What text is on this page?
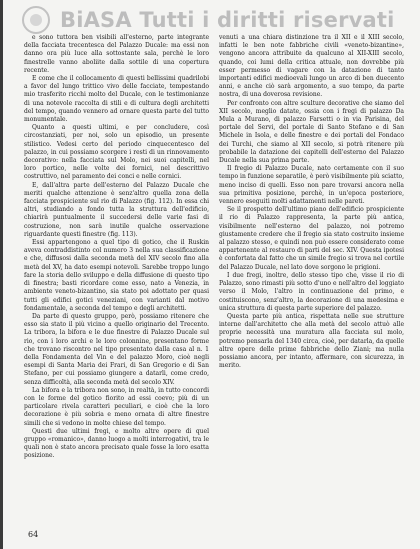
BiASA Tutti i diritti riservati

e sono tuttora ben visibili all'esterno, parte integrante della facciata trecentesca del Palazzo Ducale: ma essi non danno ora più luce alla sottostante sala, perchè le loro finestrelle vanno aboliite dalla sottile di una copertura recente.

E come che il collocamento di questi bellissimi quadrilobi a favor del lungo trittico vivo delle facciate, tempestando mio trasferito ricchi molto del Ducale, con le testimonianze di una notevole raccolta di stili e di cultura degli architetti del tempo, quando vennero ad ornare questa parte del tutto monumentale.

Quanto a questi ultimi, e per concludere, così circostanziati, per noi, solo un episodio, un presente stilistico. Vedesi certo del periodo cinquecentesco del palazzo, in cui possiamo scorgere i resti di un rinnovamento decorativo: nella facciata sul Molo, nei suoi capitelli, nel loro portico, nelle volte dei fornici, nel descrittivo costruttivo, nel paramento dei conci e nelle cornici.

E, dall'altra parte dell'esterno del Palazzo Ducale che meriti qualche attenzione è senz'altro quella zona della facciata prospiciente sul rio di Palazzo (fig. 112). In essa chi altri, studiando a fondo tutta la struttura dell'edificio, chiarirà puntualmente il succedersi delle varie fasi di costruzione, non sarà inutile qualche osservazione riguardante questi finestre (fig. 113).

Essi appartengono a quel tipo di gotico, che il Ruskin aveva contraddistinto col numero 3 nella sua classificazione e che, diffusosi dalla seconda metà del XIV secolo fino alla metà del XV, ha dato esempi notevoli. Sarebbe troppo lungo fare la storia dello sviluppo e della diffusione di questo tipo di finestra; basti ricordare come esso, nato a Venezia, in ambiente veneto-bizantino, sia stato poi adottato per quasi tutti gli edifici gotici veneziani, con varianti dal motivo fondamentale, a seconda del tempo e degli architetti.

Da parte di questo gruppo, però, possiamo ritenere che esso sia stato il più vicino a quello originario del Trecento. La tribora, la bifora e le due finestre di Palazzo Ducale sul rio, con i loro archi e le loro colonnine, presentano forme che trovano riscontro nel tipo presentato dalla casa al n. 1 della Fondamenta del Vin e del palazzo Moro, cioè negli esempi di Santa Maria dei Frari, di San Gregorio e di San Stefano, per cui possiamo giungere a datarli, come credo, senza difficoltà, alla seconda metà del secolo XIV.

La bifora e la tribora non sono, in realtà, in tutto concordi con le forme del gotico fiorito ad essi coevo; più di un particolare rivela caratteri peculiari, e cioè che la loro decorazione è più sobria e meno ornata di altre finestre simili che si vedono in molte chiese del tempo.

Questi due ultimi fregi, e molto altre opere di quel gruppo «romanico», danno luogo a molti interrogativi, tra le quali non è stato ancora precisato quale fosse la loro esatta posizione.

venuti a una chiara distinzione tra il XII e il XIII secolo, infatti le ben note fabbriche civili «veneto-bizantine», vengono ancora attribuite da qualcuno al XII-XIII secolo, quando, coi lumi della critica attuale, non dovrebbe più esser permesso di vagare con la datazione di tanto importanti edifici medioevali lungo un arco di ben duecento anni, e anche ciò sarà argomento, a suo tempo, da parte nostra, di una doverosa revisione.

Per confronto con altre sculture decorative che siamo del XII secolo, meglio datate, ossia con i fregi di palazzo Da Mula a Murano, di palazzo Farsetti o in via Parisina, del portale del Servi, del portale di Santo Stefano e di San Michele in Isola, e delle finestre e dei portali del Fondaco dei Turchi, che siamo al XII secolo, si potrà ritenere più probabile la datazione dei capitelli dell'esterno del Palazzo Ducale nella sua prima parte.

Il fregio di Palazzo Ducale, nato certamente con il suo tempo in funzione separatile, è però visibilmente più sciatto, meno inciso di quelli. Esso non pare trovarsi ancora nella sua primitiva posizione, perchè, in un'epoca posteriore, vennero eseguiti molti adattamenti nelle pareti.

Se il prospetto dell'ultimo piano dell'edificio prospiciente il rio di Palazzo rappresenta, la parte più antica, visibilmente nell'esterno del palazzo, noi potremo giustamente credere che il fregio sia stato costruito insieme al palazzo stesso, e quindi non può essere considerato come appartenente al restauro di parti del sec. XIV. Questa ipotesi è confortata dal fatto che un simile fregio si trova nel cortile del Palazzo Ducale, nel lato dove sorgono le prigioni.

I due fregi, inoltre, dello stesso tipo che, visse il rio di Palazzo, sono rimasti più sotto d'uno e nell'altro del loggiato verso il Molo, l'altro in continuazione del primo, e costituiscono, senz'altro, la decorazione di una medesima e unica struttura di questa parte superiore del palazzo.

Questa parte più antica, rispettata nelle sue strutture interne dall'architetto che alla metà del secolo attuò alle proprie necessità una muratura alla facciata sul molo, potremo pensarla del 1340 circa, cioè, per datarla, da quelle altre opere delle prime fabbriche dello Ziani; ma nulla possiamo ancora, per intanto, affermare, con sicurezza, in merito.

64
